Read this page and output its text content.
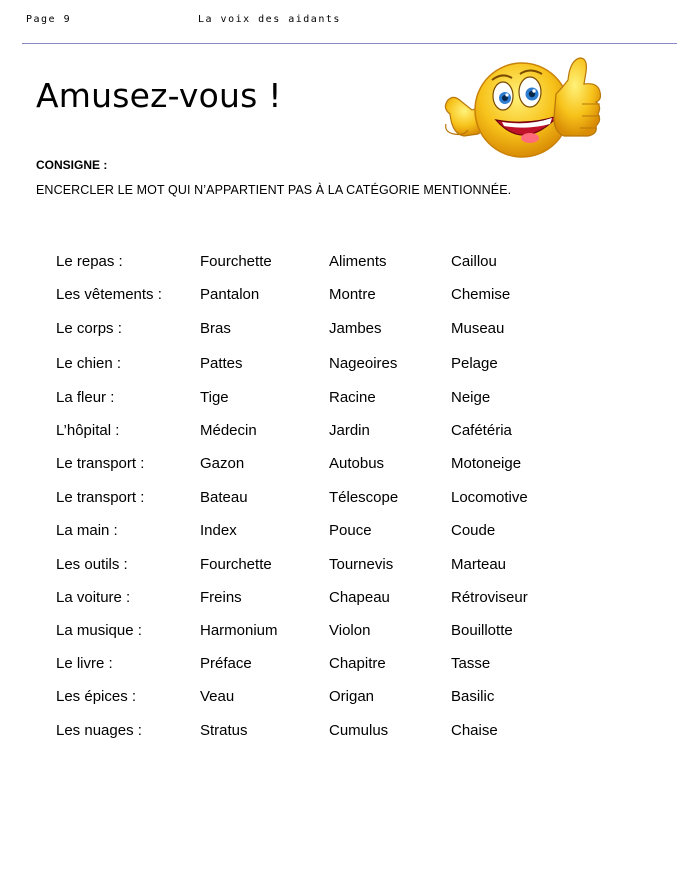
Page 9	La voix des aidants
Amusez-vous !
CONSIGNE :
ENCERCLER LE MOT QUI N’APPARTIENT PAS À LA CATÉGORIE MENTIONNÉE.
Le repas :	Fourchette	Aliments	Caillou
Les vêtements :	Pantalon	Montre	Chemise
Le corps :	Bras	Jambes	Museau
Le chien :	Pattes	Nageoires	Pelage
La fleur :	Tige	Racine	Neige
L’hôpital :	Médecin	Jardin	Cafétéria
Le transport :	Gazon	Autobus	Motoneige
Le transport :	Bateau	Télescope	Locomotive
La main :	Index	Pouce	Coude
Les outils :	Fourchette	Tournevis	Marteau
La voiture :	Freins	Chapeau	Rétroviseur
La musique :	Harmonium	Violon	Bouillotte
Le livre :	Préface	Chapitre	Tasse
Les épices :	Veau	Origan	Basilic
Les nuages :	Stratus	Cumulus	Chaise
